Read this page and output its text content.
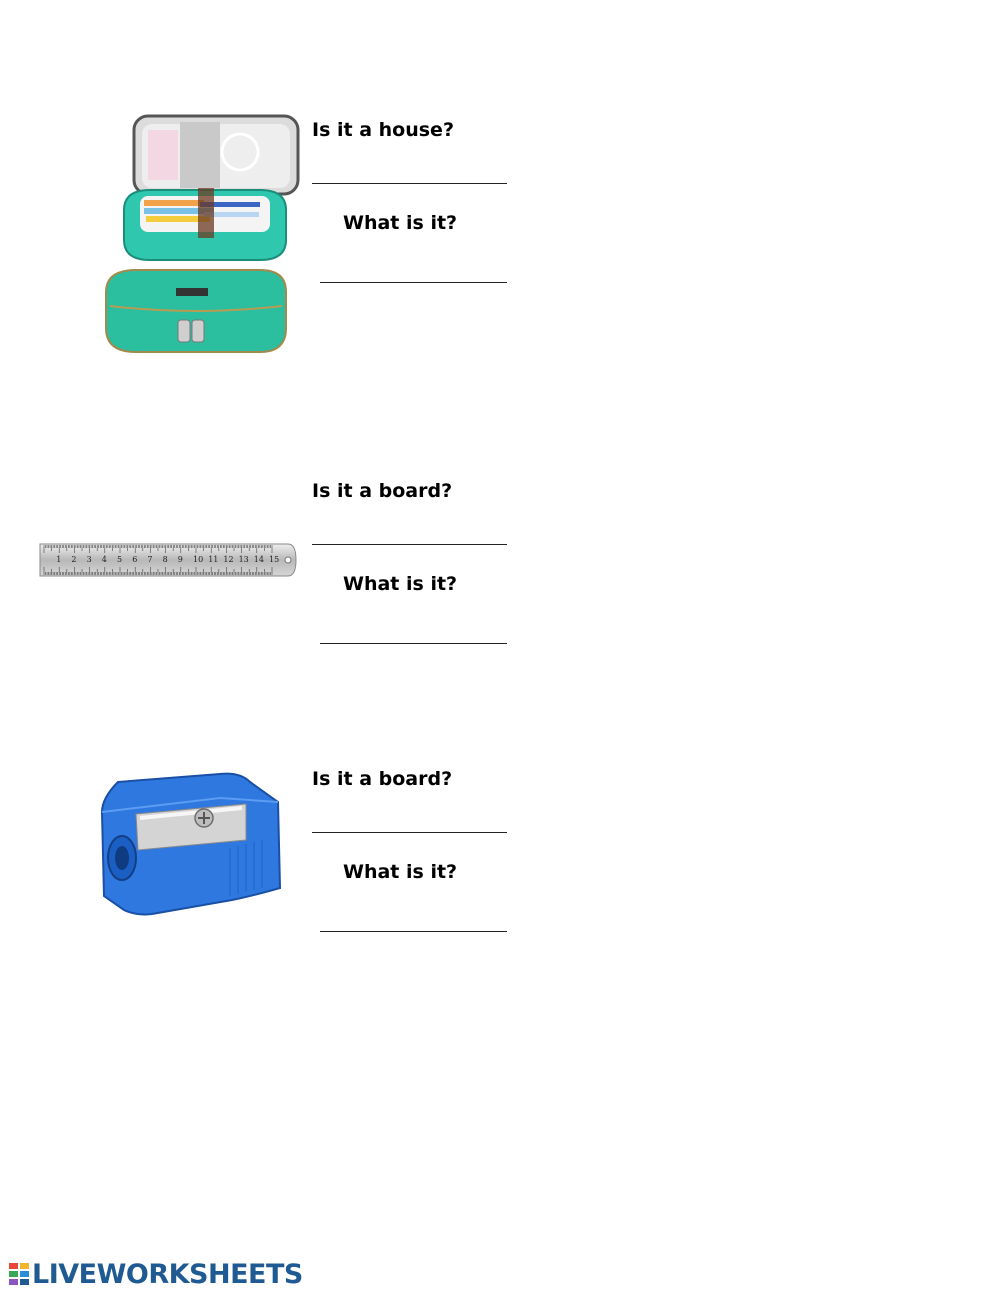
Is it a house?
What is it?
1 2 3 4 5 6 7 8 9 10 11 12 13 14 15
Is it a board?
What is it?
Is it a board?
What is it?
LIVEWORKSHEETS
